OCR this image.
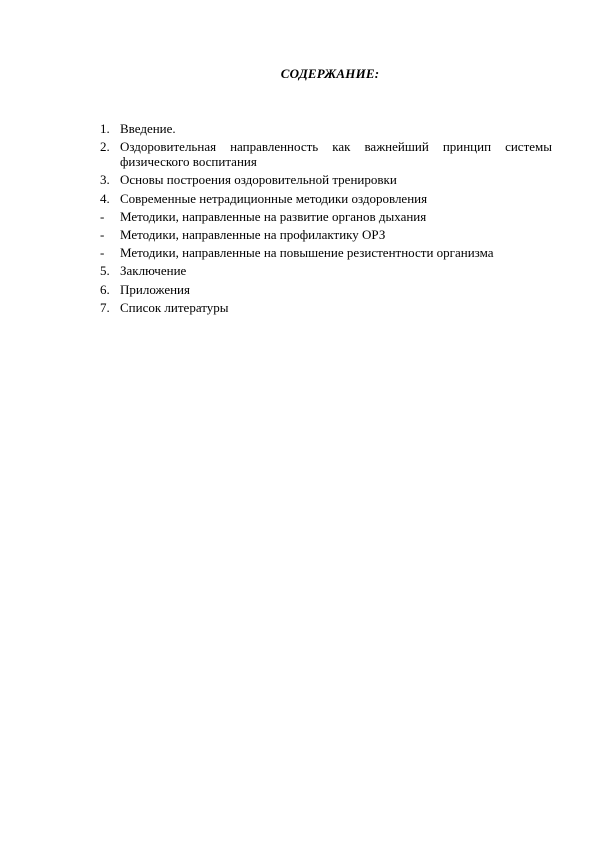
СОДЕРЖАНИЕ:
1. Введение.
2. Оздоровительная направленность как важнейший принцип системы физического воспитания
3. Основы построения оздоровительной тренировки
4. Современные нетрадиционные методики оздоровления
-	Методики, направленные на развитие органов дыхания
-	Методики, направленные на профилактику ОРЗ
-	Методики, направленные на повышение резистентности организма
5. Заключение
6. Приложения
7. Список литературы
